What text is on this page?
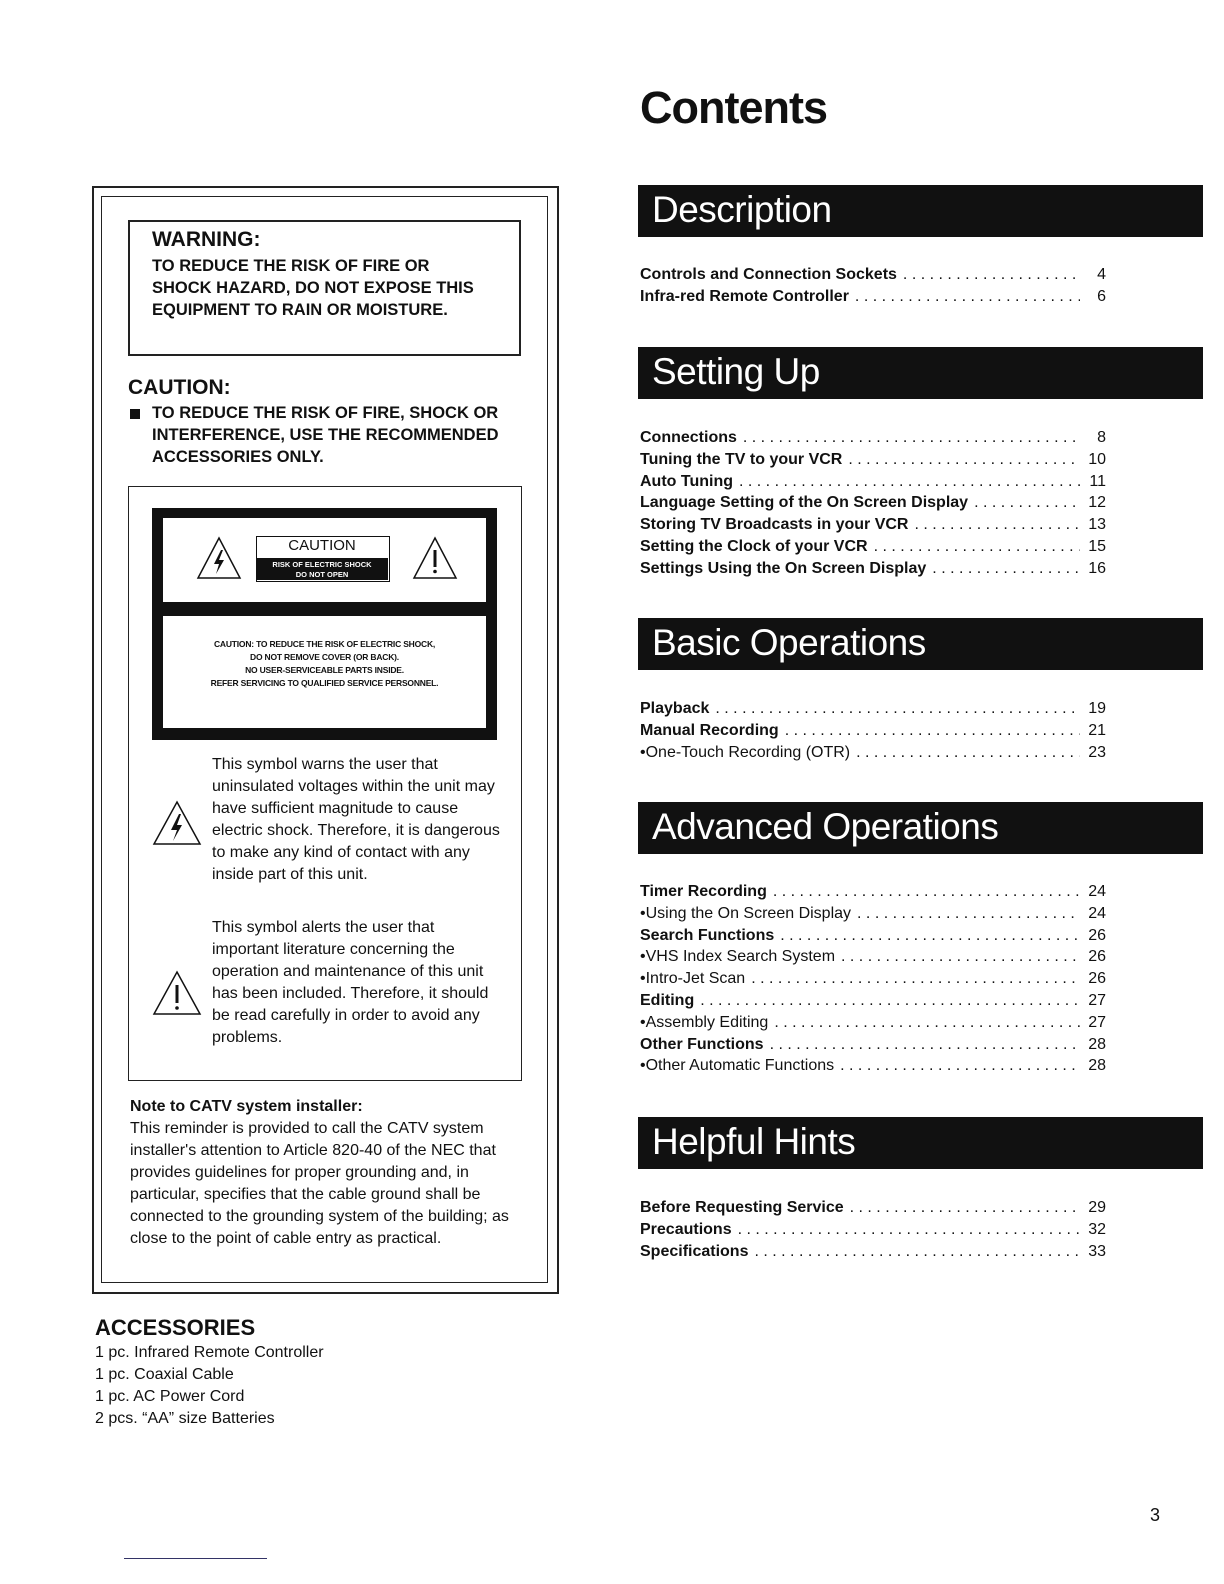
WARNING:
TO REDUCE THE RISK OF FIRE OR SHOCK HAZARD, DO NOT EXPOSE THIS EQUIPMENT TO RAIN OR MOISTURE.
CAUTION:
TO REDUCE THE RISK OF FIRE, SHOCK OR INTERFERENCE, USE THE RECOMMENDED ACCESSORIES ONLY.
CAUTION
RISK OF ELECTRIC SHOCK
DO NOT OPEN
CAUTION: TO REDUCE THE RISK OF ELECTRIC SHOCK,
DO NOT REMOVE COVER (OR BACK).
NO USER-SERVICEABLE PARTS INSIDE.
REFER SERVICING TO QUALIFIED SERVICE PERSONNEL.
This symbol warns the user that uninsulated voltages within the unit may have sufficient magnitude to cause electric shock. Therefore, it is dangerous to make any kind of contact with any inside part of this unit.
This symbol alerts the user that important literature concerning the operation and maintenance of this unit has been included. Therefore, it should be read carefully in order to avoid any problems.
Note to CATV system installer:
This reminder is provided to call the CATV system installer's attention to Article 820-40 of the NEC that provides guidelines for proper grounding and, in particular, specifies that the cable ground shall be connected to the grounding system of the building; as close to the point of cable entry as practical.
ACCESSORIES
1 pc. Infrared Remote Controller
1 pc. Coaxial Cable
1 pc. AC Power Cord
2 pcs. “AA” size Batteries
Contents
Description
Controls and Connection Sockets . . .	4
Infra-red Remote Controller . . .	6
Setting Up
Connections . . .	8
Tuning the TV to your VCR . . .	10
Auto Tuning . . .	11
Language Setting of the On Screen Display . . .	12
Storing TV Broadcasts in your VCR . . .	13
Setting the Clock of your VCR . . .	15
Settings Using the On Screen Display . . .	16
Basic Operations
Playback . . .	19
Manual Recording . . .	21
•One-Touch Recording (OTR) . . .	23
Advanced Operations
Timer Recording . . .	24
•Using the On Screen Display . . .	24
Search Functions . . .	26
•VHS Index Search System . . .	26
•Intro-Jet Scan . . .	26
Editing . . .	27
•Assembly Editing . . .	27
Other Functions . . .	28
•Other Automatic Functions . . .	28
Helpful Hints
Before Requesting Service . . .	29
Precautions . . .	32
Specifications . . .	33
3
